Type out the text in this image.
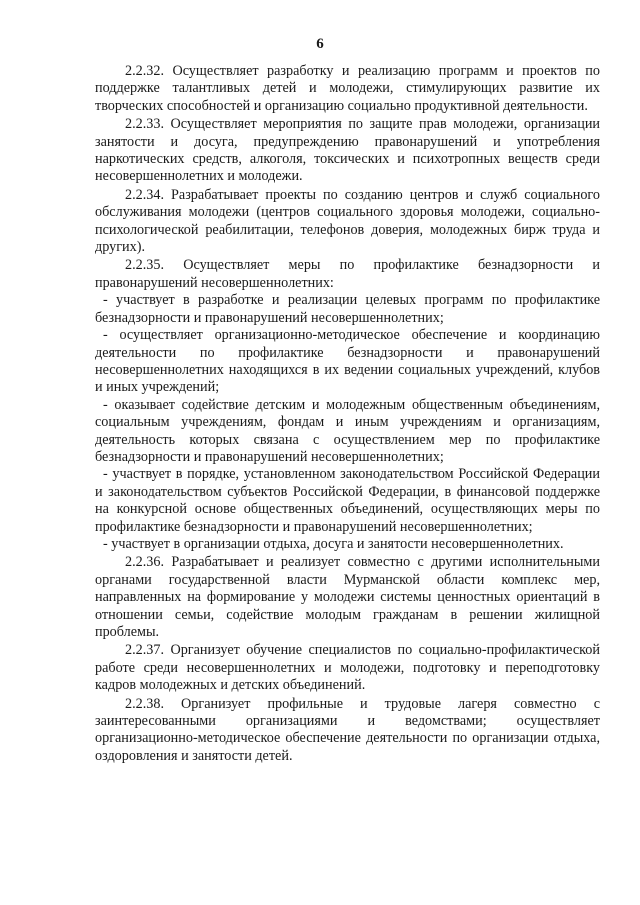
6

2.2.32. Осуществляет разработку и реализацию программ и проектов по поддержке талантливых детей и молодежи, стимулирующих развитие их творческих способностей и организацию социально продуктивной деятельности.

2.2.33. Осуществляет мероприятия по защите прав молодежи, организации занятости и досуга, предупреждению правонарушений и употребления наркотических средств, алкоголя, токсических и психотропных веществ среди несовершеннолетних и молодежи.

2.2.34. Разрабатывает проекты по созданию центров и служб социального обслуживания молодежи (центров социального здоровья молодежи, социально-психологической реабилитации, телефонов доверия, молодежных бирж труда и других).

2.2.35. Осуществляет меры по профилактике безнадзорности и правонарушений несовершеннолетних:

- участвует в разработке и реализации целевых программ по профилактике безнадзорности и правонарушений несовершеннолетних;

- осуществляет организационно-методическое обеспечение и координацию деятельности по профилактике безнадзорности и правонарушений несовершеннолетних находящихся в их ведении социальных учреждений, клубов и иных учреждений;

- оказывает содействие детским и молодежным общественным объединениям, социальным учреждениям, фондам и иным учреждениям и организациям, деятельность которых связана с осуществлением мер по профилактике безнадзорности и правонарушений несовершеннолетних;

- участвует в порядке, установленном законодательством Российской Федерации и законодательством субъектов Российской Федерации, в финансовой поддержке на конкурсной основе общественных объединений, осуществляющих меры по профилактике безнадзорности и правонарушений несовершеннолетних;

- участвует в организации отдыха, досуга и занятости несовершеннолетних.

2.2.36. Разрабатывает и реализует совместно с другими исполнительными органами государственной власти Мурманской области комплекс мер, направленных на формирование у молодежи системы ценностных ориентаций в отношении семьи, содействие молодым гражданам в решении жилищной проблемы.

2.2.37. Организует обучение специалистов по социально-профилактической работе среди несовершеннолетних и молодежи, подготовку и переподготовку кадров молодежных и детских объединений.

2.2.38. Организует профильные и трудовые лагеря совместно с заинтересованными организациями и ведомствами; осуществляет организационно-методическое обеспечение деятельности по организации отдыха, оздоровления и занятости детей.
